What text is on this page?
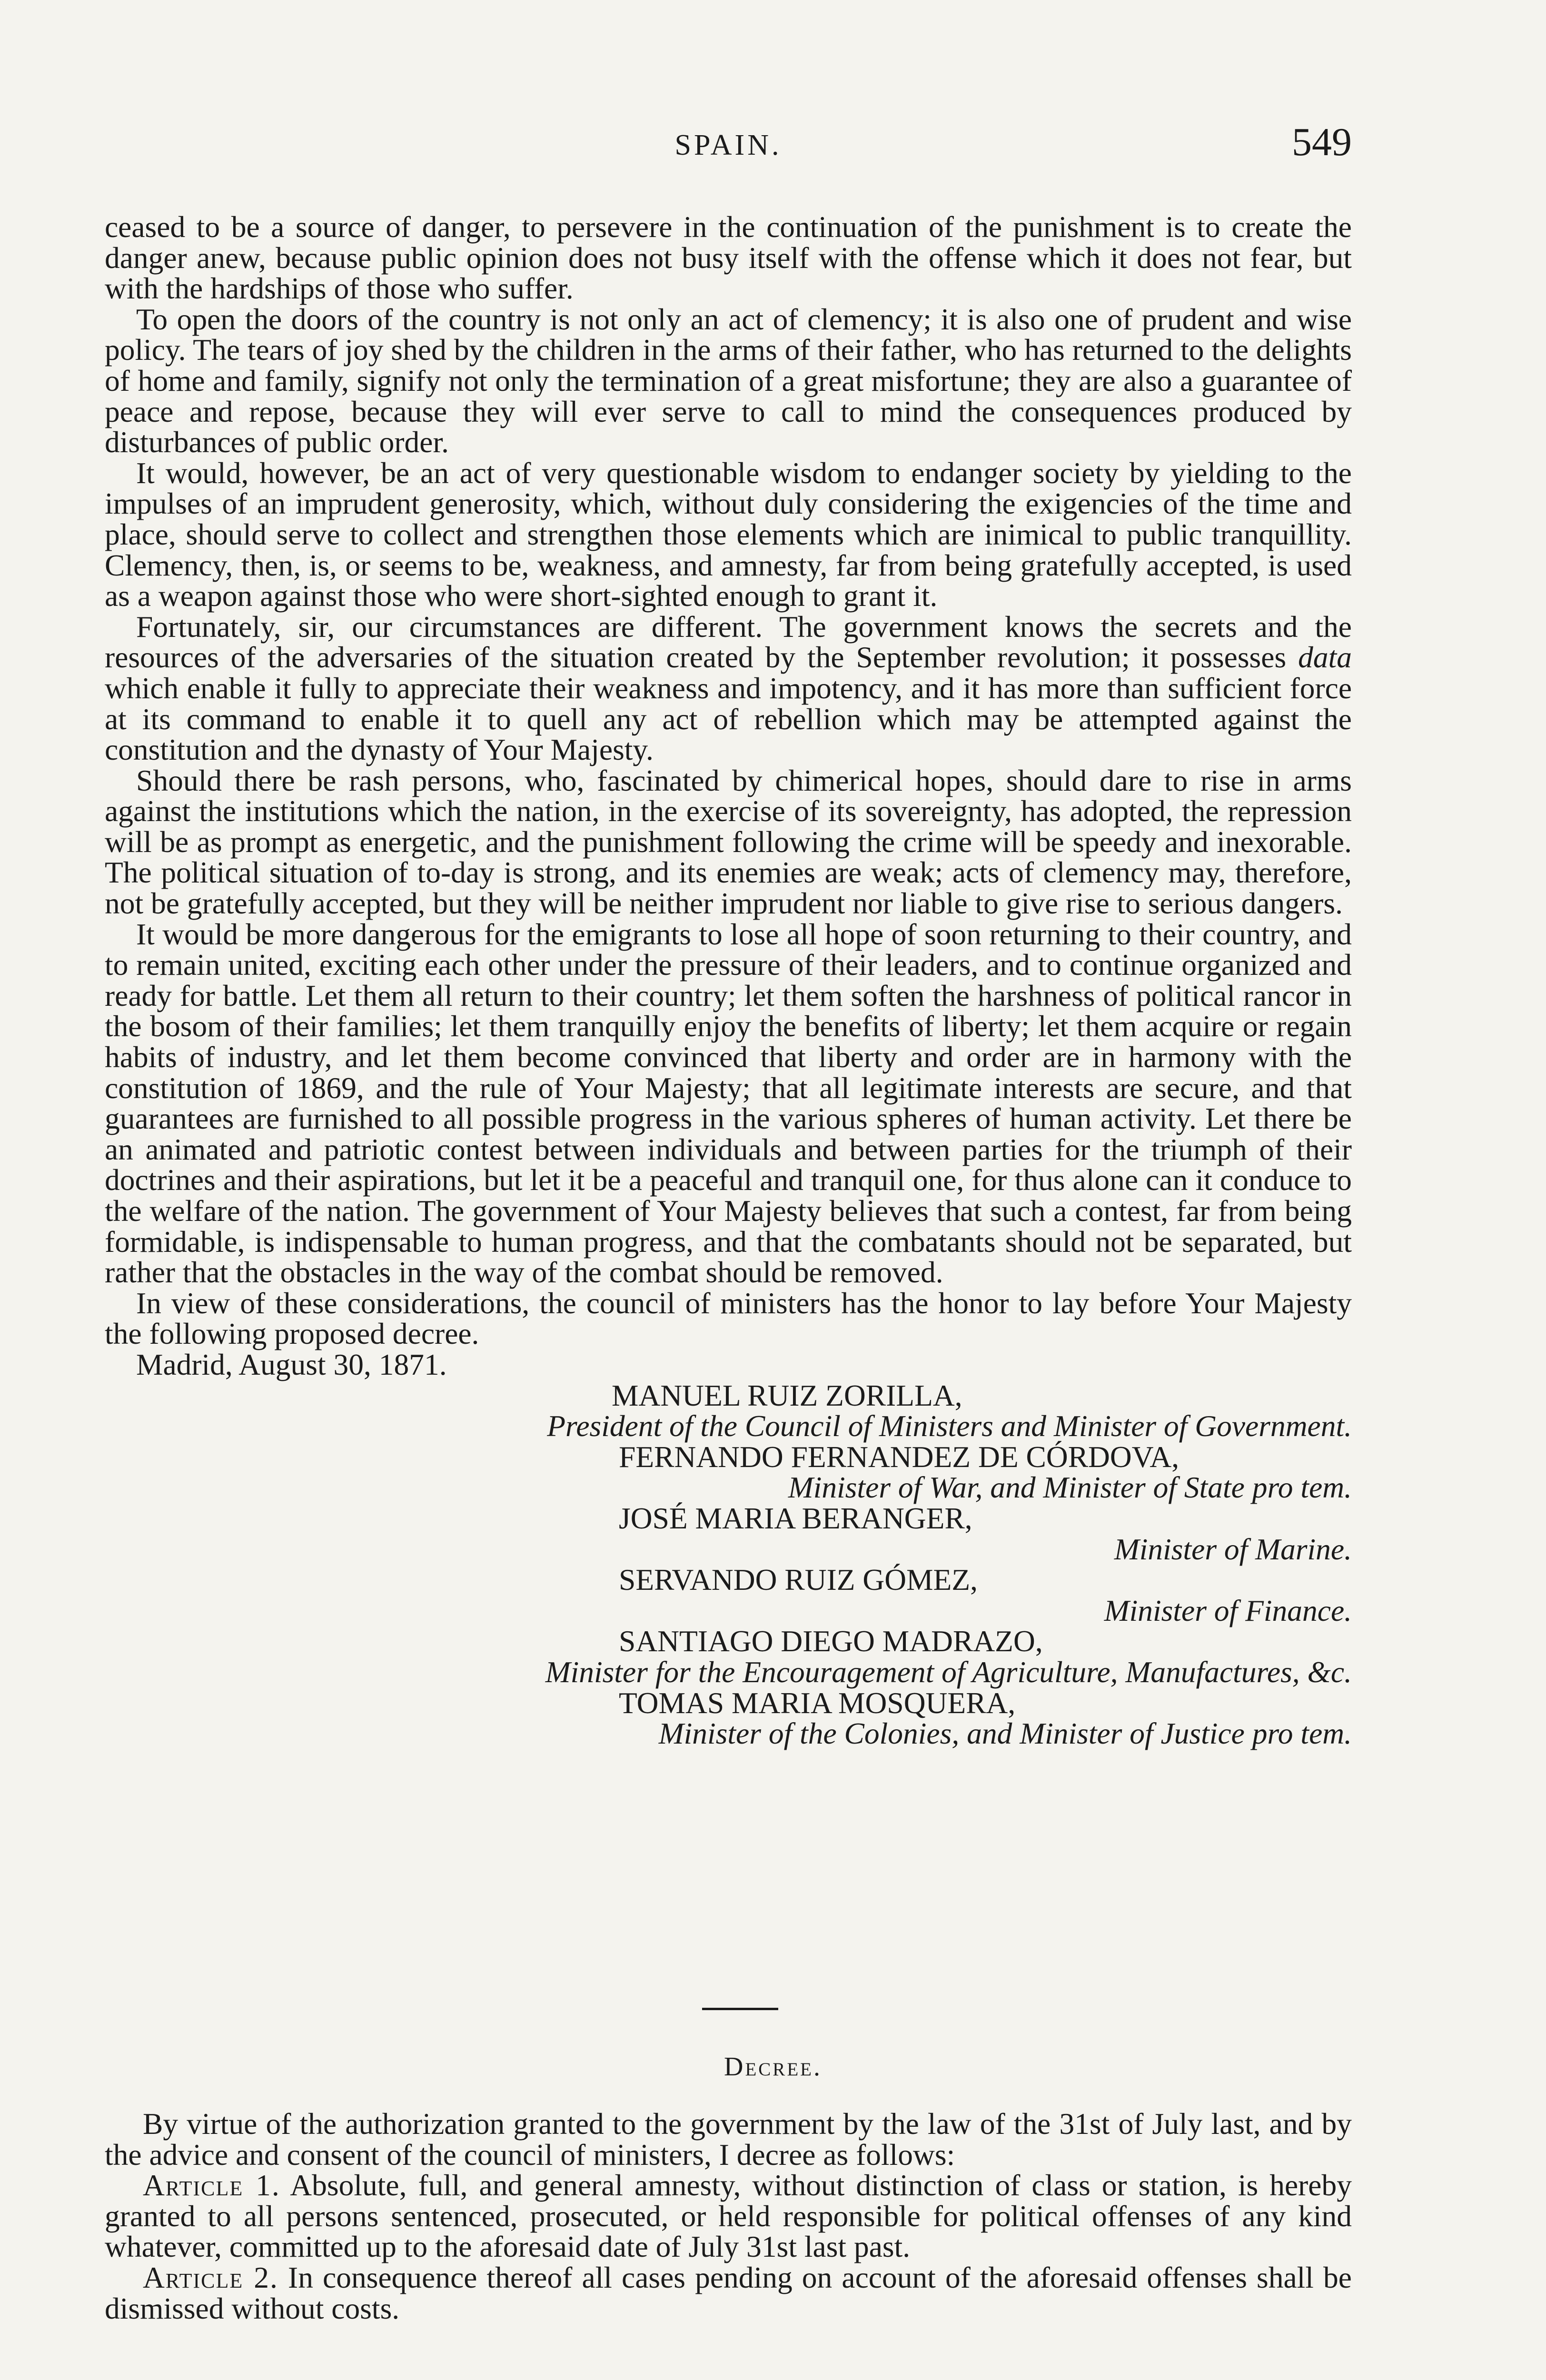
SPAIN.	549

ceased to be a source of danger, to persevere in the continuation of the punishment is to create the danger anew, because public opinion does not busy itself with the offense which it does not fear, but with the hardships of those who suffer.

To open the doors of the country is not only an act of clemency; it is also one of prudent and wise policy. The tears of joy shed by the children in the arms of their father, who has returned to the delights of home and family, signify not only the termination of a great misfortune; they are also a guarantee of peace and repose, because they will ever serve to call to mind the consequences produced by disturbances of public order.

It would, however, be an act of very questionable wisdom to endanger society by yielding to the impulses of an imprudent generosity, which, without duly considering the exigencies of the time and place, should serve to collect and strengthen those elements which are inimical to public tranquillity. Clemency, then, is, or seems to be, weakness, and amnesty, far from being gratefully accepted, is used as a weapon against those who were short-sighted enough to grant it.

Fortunately, sir, our circumstances are different. The government knows the secrets and the resources of the adversaries of the situation created by the September revolution; it possesses data which enable it fully to appreciate their weakness and impotency, and it has more than sufficient force at its command to enable it to quell any act of rebellion which may be attempted against the constitution and the dynasty of Your Majesty.

Should there be rash persons, who, fascinated by chimerical hopes, should dare to rise in arms against the institutions which the nation, in the exercise of its sovereignty, has adopted, the repression will be as prompt as energetic, and the punishment following the crime will be speedy and inexorable. The political situation of to-day is strong, and its enemies are weak; acts of clemency may, therefore, not be gratefully accepted, but they will be neither imprudent nor liable to give rise to serious dangers.

It would be more dangerous for the emigrants to lose all hope of soon returning to their country, and to remain united, exciting each other under the pressure of their leaders, and to continue organized and ready for battle. Let them all return to their country; let them soften the harshness of political rancor in the bosom of their families; let them tranquilly enjoy the benefits of liberty; let them acquire or regain habits of industry, and let them become convinced that liberty and order are in harmony with the constitution of 1869, and the rule of Your Majesty; that all legitimate interests are secure, and that guarantees are furnished to all possible progress in the various spheres of human activity. Let there be an animated and patriotic contest between individuals and between parties for the triumph of their doctrines and their aspirations, but let it be a peaceful and tranquil one, for thus alone can it conduce to the welfare of the nation. The government of Your Majesty believes that such a contest, far from being formidable, is indispensable to human progress, and that the combatants should not be separated, but rather that the obstacles in the way of the combat should be removed.

In view of these considerations, the council of ministers has the honor to lay before Your Majesty the following proposed decree.

Madrid, August 30, 1871.

MANUEL RUIZ ZORILLA,
President of the Council of Ministers and Minister of Government.
FERNANDO FERNANDEZ DE CÓRDOVA,
Minister of War, and Minister of State pro tem.
JOSÉ MARIA BERANGER,
Minister of Marine.
SERVANDO RUIZ GÓMEZ,
Minister of Finance.
SANTIAGO DIEGO MADRAZO,
Minister for the Encouragement of Agriculture, Manufactures, &c.
TOMAS MARIA MOSQUERA,
Minister of the Colonies, and Minister of Justice pro tem.
Decree.

By virtue of the authorization granted to the government by the law of the 31st of July last, and by the advice and consent of the council of ministers, I decree as follows:

Article 1. Absolute, full, and general amnesty, without distinction of class or station, is hereby granted to all persons sentenced, prosecuted, or held responsible for political offenses of any kind whatever, committed up to the aforesaid date of July 31st last past.

Article 2. In consequence thereof all cases pending on account of the aforesaid offenses shall be dismissed without costs.
